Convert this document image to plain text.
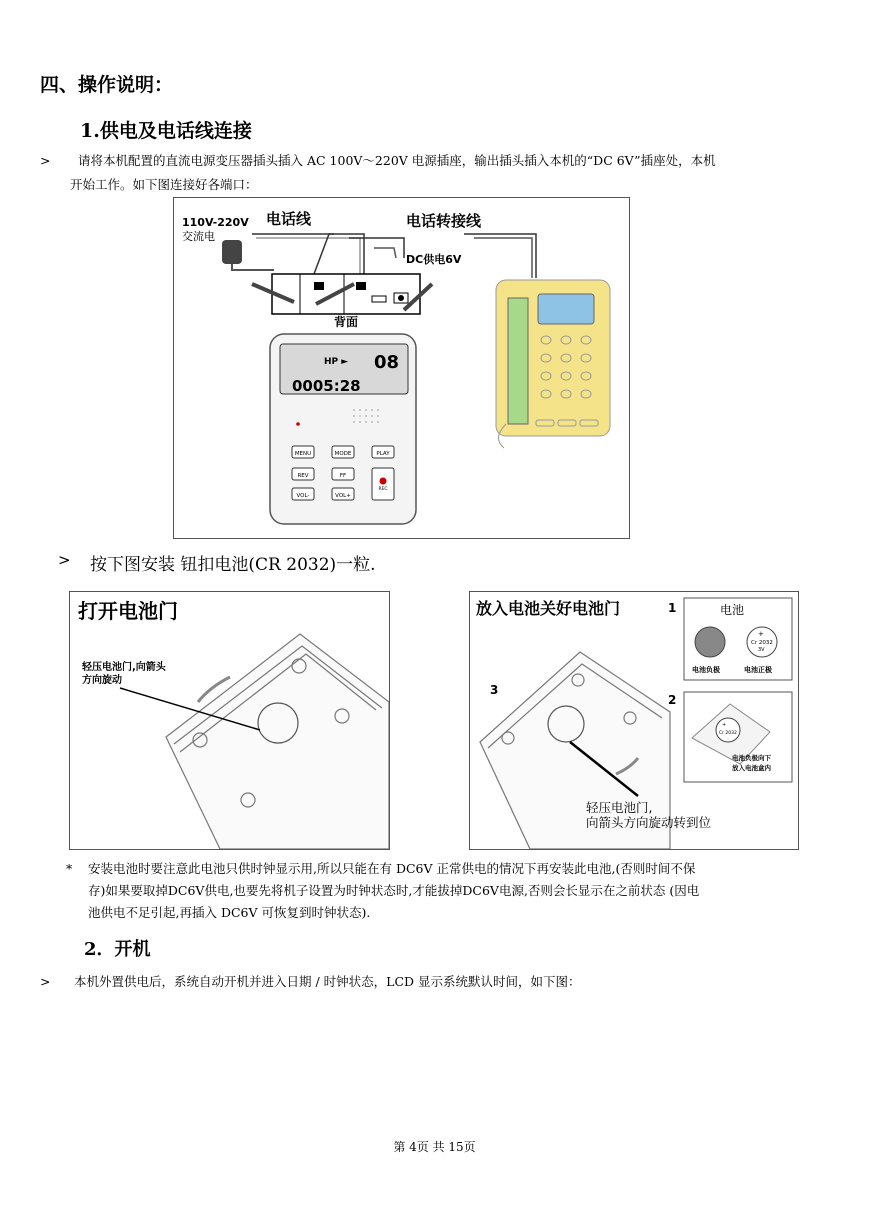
四、操作说明：
1.供电及电话线连接
> 请将本机配置的直流电源变压器插头插入 AC 100V～220V 电源插座，输出插头插入本机的“DC 6V”插座处，本机
开始工作。如下图连接好各端口：
110V-220V
交流电
电话线	电话转接线
DC供电6V
背面
HP ► 08
0005:28
MENU	MODE	PLAY
REV	FF
REC
VOL-	VOL+
> 按下图安装 钮扣电池(CR 2032)一粒.
打开电池门
轻压电池门,向箭头
方向旋动
放入电池关好电池门	1
2
3
电池
+
Cr 2032
3V
电池负极	电池正极
+
Cr 2032
电池负极向下
放入电池盒内
轻压电池门,
向箭头方向旋动转到位
* 安装电池时要注意此电池只供时钟显示用,所以只能在有 DC6V 正常供电的情况下再安装此电池,(否则时间不保
存)如果要取掉DC6V供电,也要先将机子设置为时钟状态时,才能拔掉DC6V电源,否则会长显示在之前状态 (因电
池供电不足引起,再插入 DC6V 可恢复到时钟状态).
2．开机
> 本机外置供电后，系统自动开机并进入日期 / 时钟状态，LCD 显示系统默认时间，如下图：
第 4页 共 15页
